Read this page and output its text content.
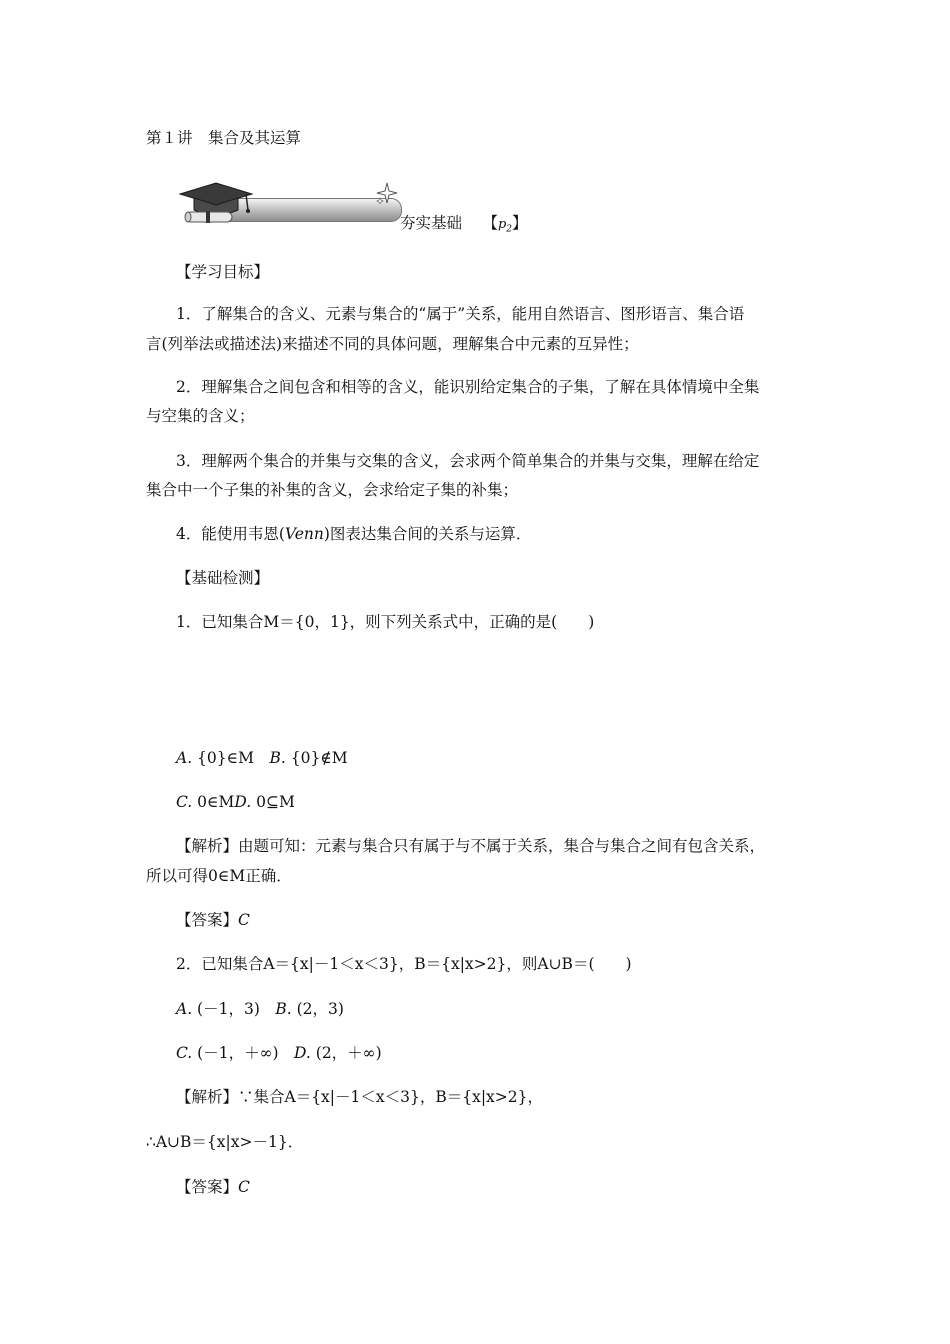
第１讲　集合及其运算
夯实基础　 【$p_2$】
【学习目标】
1．了解集合的含义、元素与集合的“属于”关系，能用自然语言、图形语言、集合语
言(列举法或描述法)来描述不同的具体问题，理解集合中元素的互异性；
2．理解集合之间包含和相等的含义，能识别给定集合的子集，了解在具体情境中全集
与空集的含义；
3．理解两个集合的并集与交集的含义，会求两个简单集合的并集与交集，理解在给定
集合中一个子集的补集的含义，会求给定子集的补集；
4．能使用韦恩(Venn)图表达集合间的关系与运算．
【基础检测】
1．已知集合M＝{0，1}，则下列关系式中，正确的是(　　)
A. {0}∈M　B. {0}∉M
C. 0∈MD. 0⊆M
【解析】由题可知：元素与集合只有属于与不属于关系，集合与集合之间有包含关系，
所以可得0∈M正确．
【答案】C
2．已知集合A＝{x|－1＜x＜3}，B＝{x|x>2}，则A∪B＝(　　)
A. (－1，3)　B. (2，3)
C. (－1，＋∞)　D. (2，＋∞)
【解析】∵集合A＝{x|－1＜x＜3}，B＝{x|x>2}，
∴A∪B＝{x|x>－1}．
【答案】C
